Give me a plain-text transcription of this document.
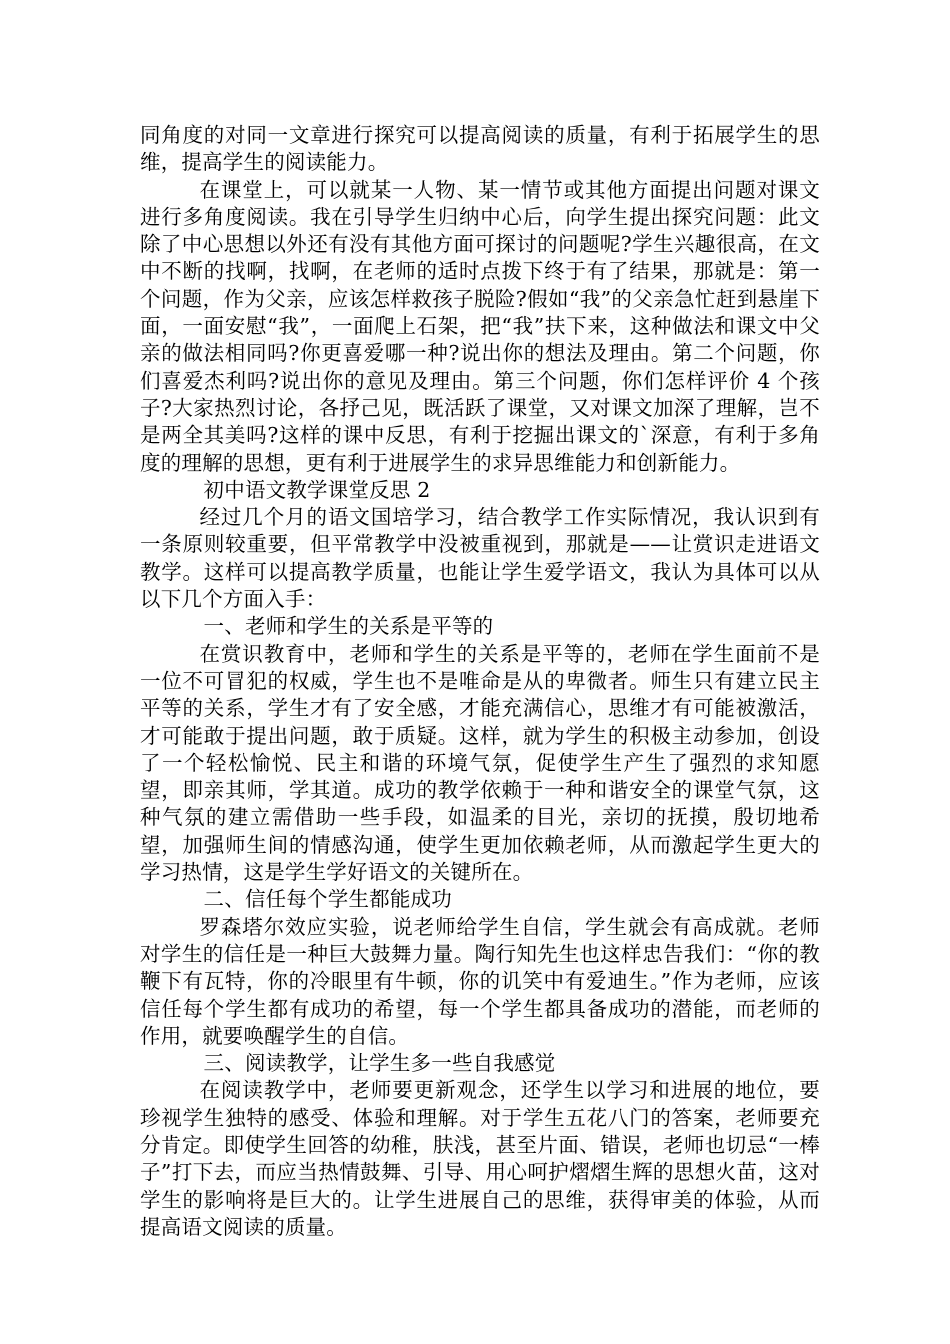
同角度的对同一文章进行探究可以提高阅读的质量，有利于拓展学生的思维，提高学生的阅读能力。

在课堂上，可以就某一人物、某一情节或其他方面提出问题对课文进行多角度阅读。我在引导学生归纳中心后，向学生提出探究问题：此文除了中心思想以外还有没有其他方面可探讨的问题呢?学生兴趣很高，在文中不断的找啊，找啊，在老师的适时点拨下终于有了结果，那就是：第一个问题，作为父亲，应该怎样救孩子脱险?假如“我”的父亲急忙赶到悬崖下面，一面安慰“我”，一面爬上石架，把“我”扶下来，这种做法和课文中父亲的做法相同吗?你更喜爱哪一种?说出你的想法及理由。第二个问题，你们喜爱杰利吗?说出你的意见及理由。第三个问题，你们怎样评价 4 个孩子?大家热烈讨论，各抒己见，既活跃了课堂，又对课文加深了理解，岂不是两全其美吗?这样的课中反思，有利于挖掘出课文的`深意，有利于多角度的理解的思想，更有利于进展学生的求异思维能力和创新能力。

初中语文教学课堂反思 2

经过几个月的语文国培学习，结合教学工作实际情况，我认识到有一条原则较重要，但平常教学中没被重视到，那就是——让赏识走进语文教学。这样可以提高教学质量，也能让学生爱学语文，我认为具体可以从以下几个方面入手：

一、老师和学生的关系是平等的

在赏识教育中，老师和学生的关系是平等的，老师在学生面前不是一位不可冒犯的权威，学生也不是唯命是从的卑微者。师生只有建立民主平等的关系，学生才有了安全感，才能充满信心，思维才有可能被激活，才可能敢于提出问题，敢于质疑。这样，就为学生的积极主动参加，创设了一个轻松愉悦、民主和谐的环境气氛，促使学生产生了强烈的求知愿望，即亲其师，学其道。成功的教学依赖于一种和谐安全的课堂气氛，这种气氛的建立需借助一些手段，如温柔的目光，亲切的抚摸，殷切地希望，加强师生间的情感沟通，使学生更加依赖老师，从而激起学生更大的学习热情，这是学生学好语文的关键所在。

二、信任每个学生都能成功

罗森塔尔效应实验，说老师给学生自信，学生就会有高成就。老师对学生的信任是一种巨大鼓舞力量。陶行知先生也这样忠告我们：“你的教鞭下有瓦特，你的冷眼里有牛顿，你的讥笑中有爱迪生。”作为老师，应该信任每个学生都有成功的希望，每一个学生都具备成功的潜能，而老师的作用，就要唤醒学生的自信。

三、阅读教学，让学生多一些自我感觉

在阅读教学中，老师要更新观念，还学生以学习和进展的地位，要珍视学生独特的感受、体验和理解。对于学生五花八门的答案，老师要充分肯定。即使学生回答的幼稚，肤浅，甚至片面、错误，老师也切忌“一棒子”打下去，而应当热情鼓舞、引导、用心呵护熠熠生辉的思想火苗，这对学生的影响将是巨大的。让学生进展自己的思维，获得审美的体验，从而提高语文阅读的质量。
